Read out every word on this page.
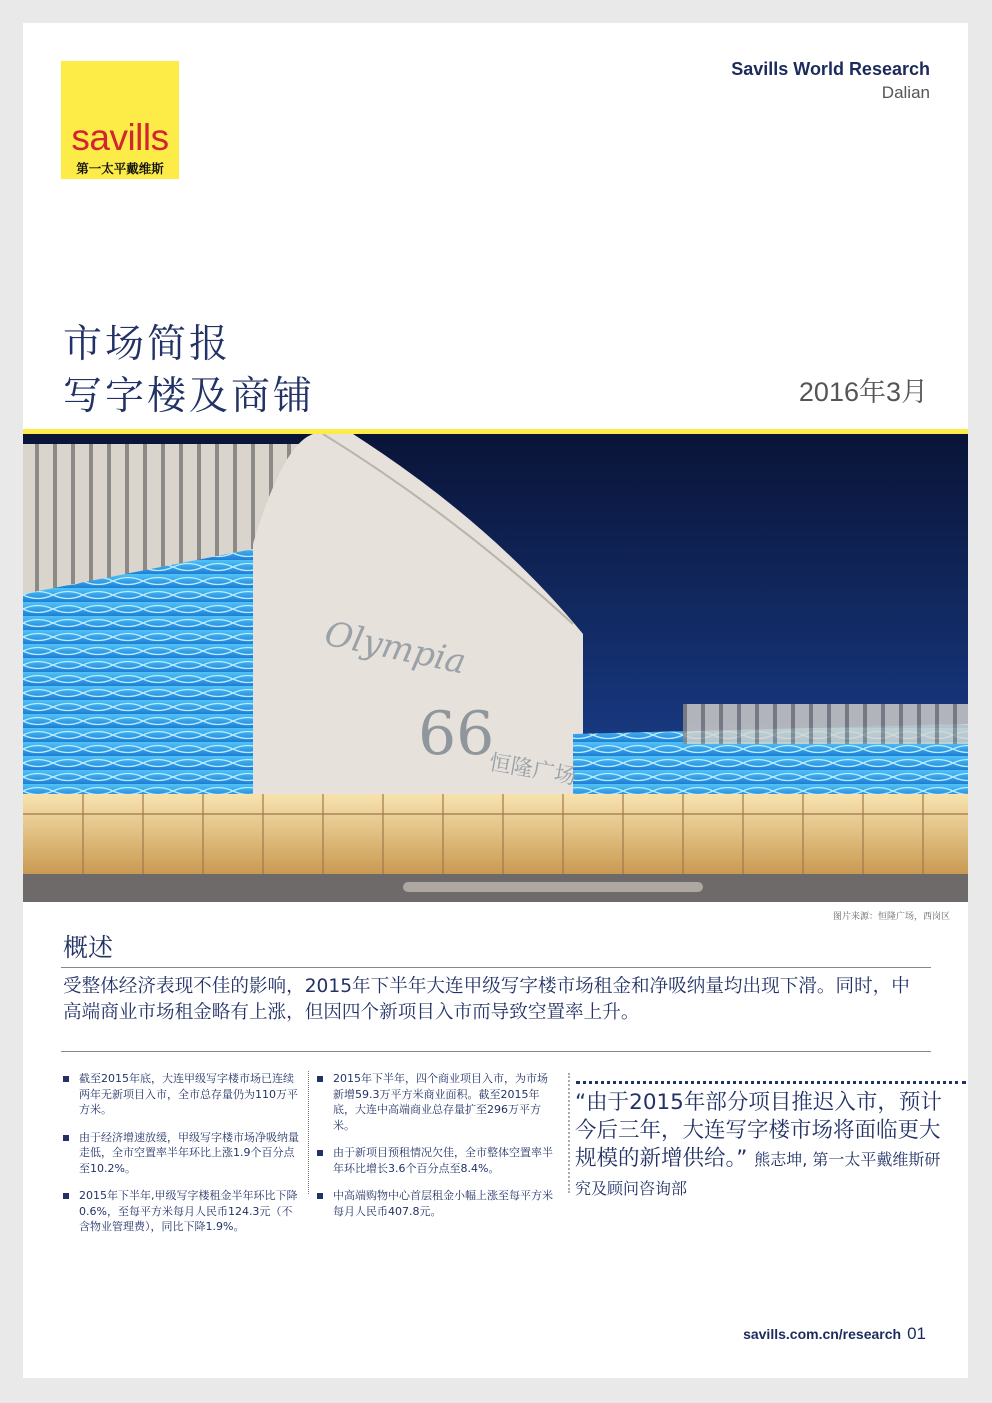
savills
第一太平戴维斯
Savills World Research
Dalian
市场简报
写字楼及商铺	2016年3月
Olympia
66
恒隆广场
图片来源：恒隆广场，西岗区
概述
受整体经济表现不佳的影响，2015年下半年大连甲级写字楼市场租金和净吸纳量均出现下滑。同时，中高端商业市场租金略有上涨，但因四个新项目入市而导致空置率上升。
截至2015年底，大连甲级写字楼市场已连续两年无新项目入市，全市总存量仍为110万平方米。
由于经济增速放缓，甲级写字楼市场净吸纳量走低，全市空置率半年环比上涨1.9个百分点至10.2%。
2015年下半年,甲级写字楼租金半年环比下降0.6%，至每平方米每月人民币124.3元（不含物业管理费），同比下降1.9%。
2015年下半年，四个商业项目入市，为市场新增59.3万平方米商业面积。截至2015年底，大连中高端商业总存量扩至296万平方米。
由于新项目预租情况欠佳，全市整体空置率半年环比增长3.6个百分点至8.4%。
中高端购物中心首层租金小幅上涨至每平方米每月人民币407.8元。
“由于2015年部分项目推迟入市，预计今后三年，大连写字楼市场将面临更大规模的新增供给。” 熊志坤, 第一太平戴维斯研究及顾问咨询部
savills.com.cn/research 01
